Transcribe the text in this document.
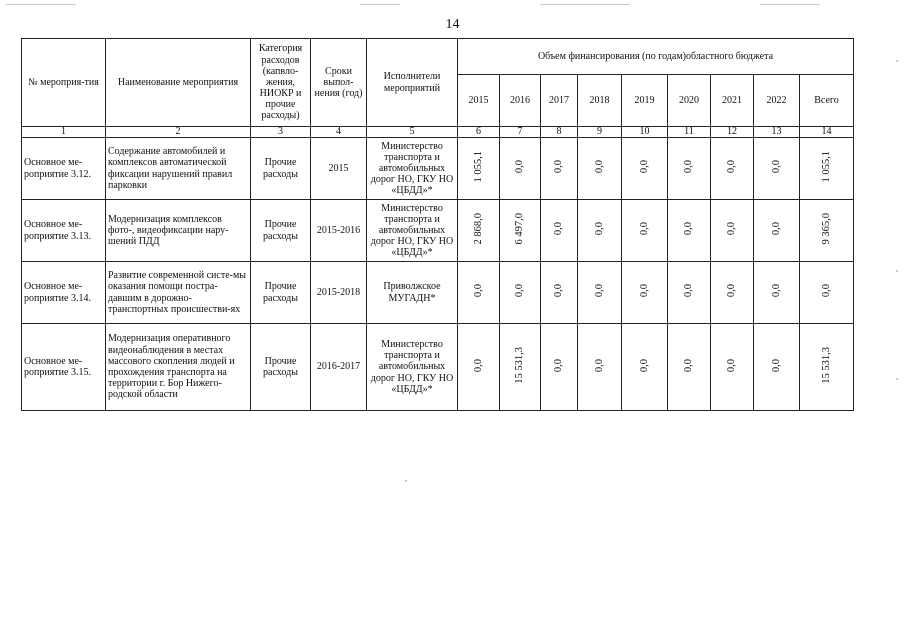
14
№ мероприя-тия	Наименование мероприятия	Категория расходов (капвло-жения, НИОКР и прочие расходы)	Сроки выпол-нения (год)	Исполнители мероприятий	Объем финансирования (по годам)областного бюджета								
					2015	2016	2017	2018	2019	2020	2021	2022	Всего
1	2	3	4	5	6	7	8	9	10	11	12	13	14
Основное ме-роприятие 3.12.	Содержание автомобилей и комплексов автоматической фиксации нарушений правил парковки	Прочие расходы	2015	Министерство транспорта и автомобильных дорог НО, ГКУ НО «ЦБДД»*	1 055,1	0,0	0,0	0,0	0,0	0,0	0,0	0,0	1 055,1
Основное ме-роприятие 3.13.	Модернизация комплексов фото-, видеофиксации нару-шений ПДД	Прочие расходы	2015-2016	Министерство транспорта и автомобильных дорог НО, ГКУ НО «ЦБДД»*	2 868,0	6 497,0	0,0	0,0	0,0	0,0	0,0	0,0	9 365,0
Основное ме-роприятие 3.14.	Развитие современной систе-мы оказания помощи постра-давшим в дорожно-транспортных происшестви-ях	Прочие расходы	2015-2018	Приволжское МУГАДН*	0,0	0,0	0,0	0,0	0,0	0,0	0,0	0,0	0,0
Основное ме-роприятие 3.15.	Модернизация оперативного видеонаблюдения в местах массового скопления людей и прохождения транспорта на территории г. Бор Нижего-родской области	Прочие расходы	2016-2017	Министерство транспорта и автомобильных дорог НО, ГКУ НО «ЦБДД»*	0,0	15 531,3	0,0	0,0	0,0	0,0	0,0	0,0	15 531,3
